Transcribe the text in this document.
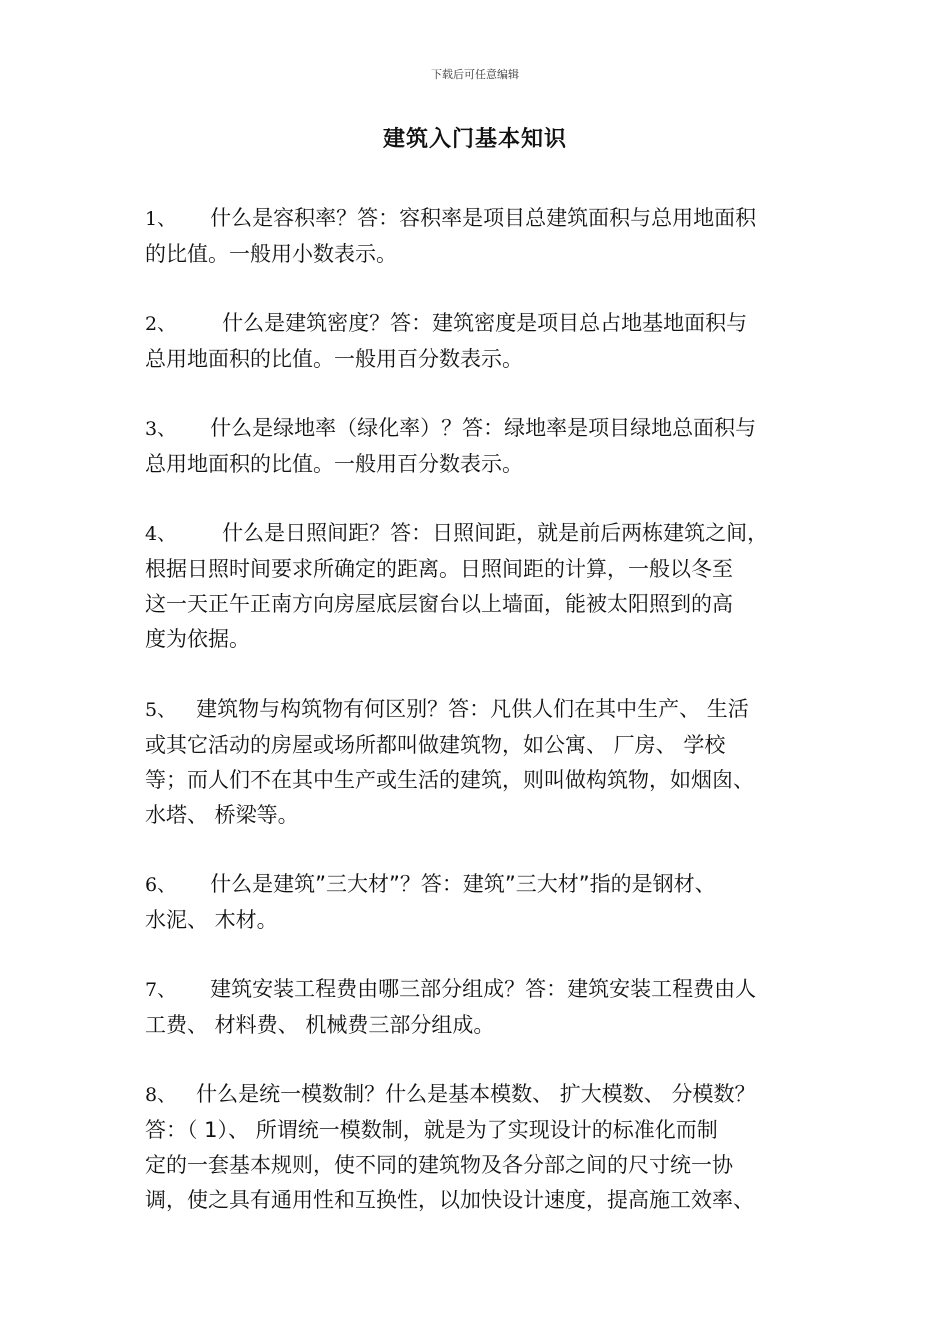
下载后可任意编辑
建筑入门基本知识
1、 什么是容积率？答：容积率是项目总建筑面积与总用地面积
的比值。一般用小数表示。
2、 什么是建筑密度？答：建筑密度是项目总占地基地面积与
总用地面积的比值。一般用百分数表示。
3、 什么是绿地率（绿化率）？答：绿地率是项目绿地总面积与
总用地面积的比值。一般用百分数表示。
4、 什么是日照间距？答：日照间距，就是前后两栋建筑之间，
根据日照时间要求所确定的距离。日照间距的计算，一般以冬至
这一天正午正南方向房屋底层窗台以上墙面，能被太阳照到的高
度为依据。
5、 建筑物与构筑物有何区别？答：凡供人们在其中生产、 生活
或其它活动的房屋或场所都叫做建筑物，如公寓、 厂房、 学校
等；而人们不在其中生产或生活的建筑，则叫做构筑物，如烟囱、
水塔、 桥梁等。
6、 什么是建筑”三大材”？答：建筑”三大材”指的是钢材、
水泥、 木材。
7、 建筑安装工程费由哪三部分组成？答：建筑安装工程费由人
工费、 材料费、 机械费三部分组成。
8、 什么是统一模数制？什么是基本模数、 扩大模数、 分模数？
答：（ 1）、 所谓统一模数制，就是为了实现设计的标准化而制
定的一套基本规则，使不同的建筑物及各分部之间的尺寸统一协
调，使之具有通用性和互换性，以加快设计速度，提高施工效率、
